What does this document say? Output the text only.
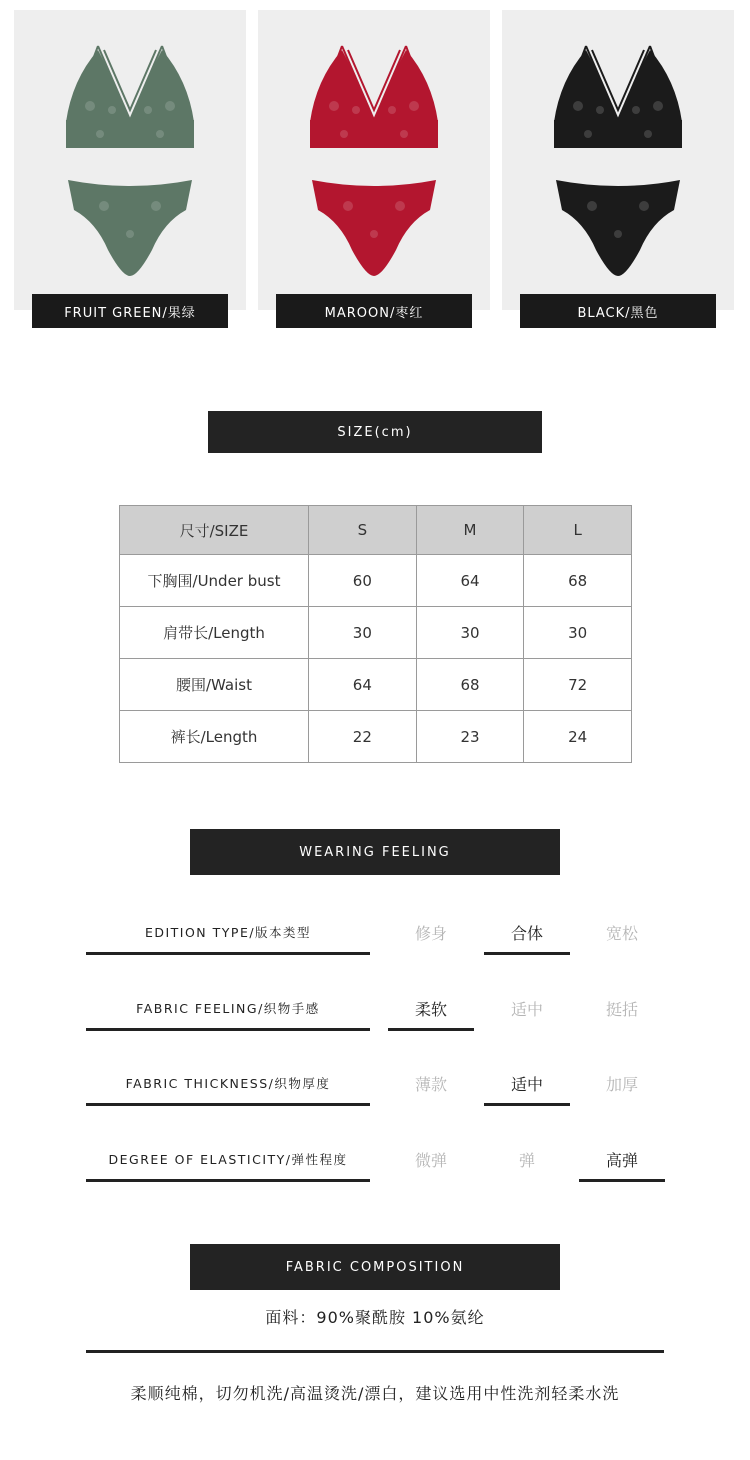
FRUIT GREEN/果绿	MAROON/枣红	BLACK/黑色
SIZE(cm)
尺寸/SIZE	S	M	L
下胸围/Under bust	60	64	68
肩带长/Length	30	30	30
腰围/Waist	64	68	72
裤长/Length	22	23	24
WEARING FEELING
EDITION TYPE/版本类型	修身	合体	宽松
FABRIC FEELING/织物手感	柔软	适中	挺括
FABRIC THICKNESS/织物厚度	薄款	适中	加厚
DEGREE OF ELASTICITY/弹性程度	微弹	弹	高弹
FABRIC COMPOSITION
面料：90%聚酰胺 10%氨纶
柔顺纯棉，切勿机洗/高温烫洗/漂白，建议选用中性洗剂轻柔水洗
